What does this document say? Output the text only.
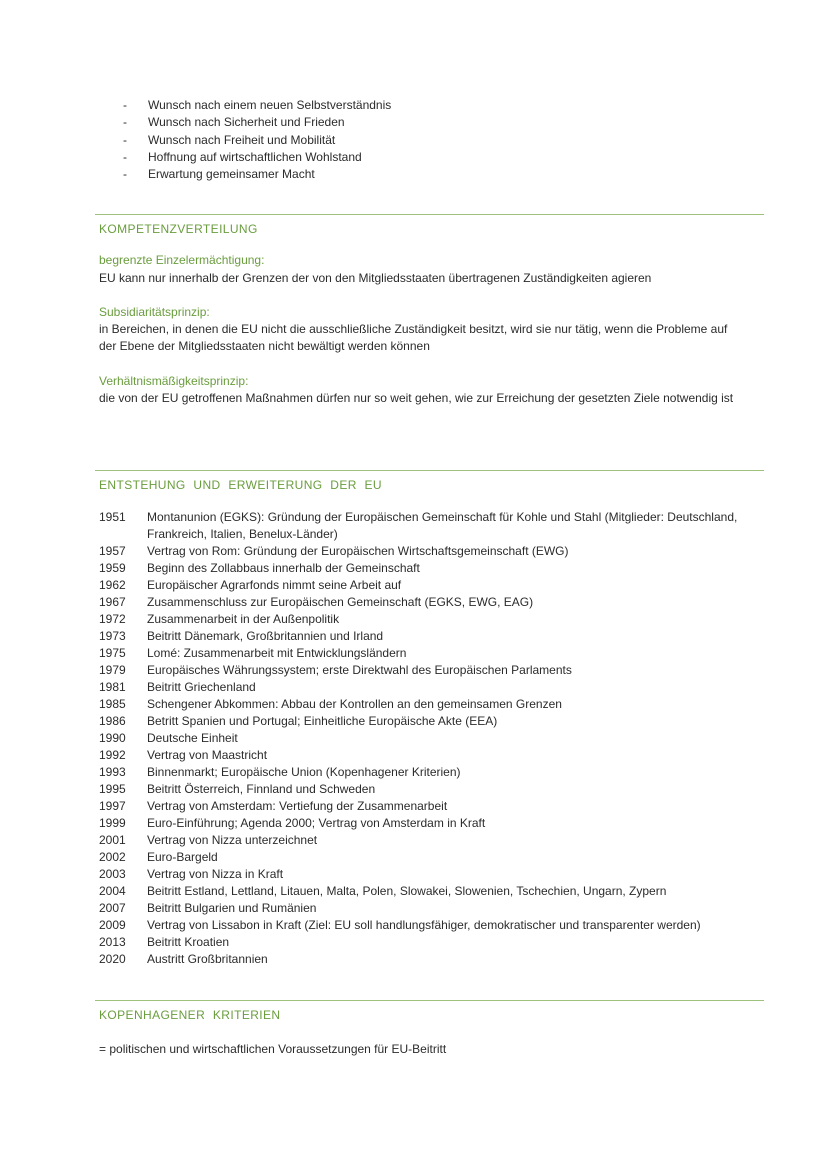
- Wunsch nach einem neuen Selbstverständnis
- Wunsch nach Sicherheit und Frieden
- Wunsch nach Freiheit und Mobilität
- Hoffnung auf wirtschaftlichen Wohlstand
- Erwartung gemeinsamer Macht
KOMPETENZVERTEILUNG
begrenzte Einzelermächtigung:
EU kann nur innerhalb der Grenzen der von den Mitgliedsstaaten übertragenen Zuständigkeiten agieren
Subsidiaritätsprinzip:
in Bereichen, in denen die EU nicht die ausschließliche Zuständigkeit besitzt, wird sie nur tätig, wenn die Probleme auf der Ebene der Mitgliedsstaaten nicht bewältigt werden können
Verhältnismäßigkeitsprinzip:
die von der EU getroffenen Maßnahmen dürfen nur so weit gehen, wie zur Erreichung der gesetzten Ziele notwendig ist
ENTSTEHUNG UND ERWEITERUNG DER EU
1951	Montanunion (EGKS): Gründung der Europäischen Gemeinschaft für Kohle und Stahl (Mitglieder: Deutschland, Frankreich, Italien, Benelux-Länder)
1957	Vertrag von Rom: Gründung der Europäischen Wirtschaftsgemeinschaft (EWG)
1959	Beginn des Zollabbaus innerhalb der Gemeinschaft
1962	Europäischer Agrarfonds nimmt seine Arbeit auf
1967	Zusammenschluss zur Europäischen Gemeinschaft (EGKS, EWG, EAG)
1972	Zusammenarbeit in der Außenpolitik
1973	Beitritt Dänemark, Großbritannien und Irland
1975	Lomé: Zusammenarbeit mit Entwicklungsländern
1979	Europäisches Währungssystem; erste Direktwahl des Europäischen Parlaments
1981	Beitritt Griechenland
1985	Schengener Abkommen: Abbau der Kontrollen an den gemeinsamen Grenzen
1986	Betritt Spanien und Portugal; Einheitliche Europäische Akte (EEA)
1990	Deutsche Einheit
1992	Vertrag von Maastricht
1993	Binnenmarkt; Europäische Union (Kopenhagener Kriterien)
1995	Beitritt Österreich, Finnland und Schweden
1997	Vertrag von Amsterdam: Vertiefung der Zusammenarbeit
1999	Euro-Einführung; Agenda 2000; Vertrag von Amsterdam in Kraft
2001	Vertrag von Nizza unterzeichnet
2002	Euro-Bargeld
2003	Vertrag von Nizza in Kraft
2004	Beitritt Estland, Lettland, Litauen, Malta, Polen, Slowakei, Slowenien, Tschechien, Ungarn, Zypern
2007	Beitritt Bulgarien und Rumänien
2009	Vertrag von Lissabon in Kraft (Ziel: EU soll handlungsfähiger, demokratischer und transparenter werden)
2013	Beitritt Kroatien
2020	Austritt Großbritannien
KOPENHAGENER KRITERIEN
= politischen und wirtschaftlichen Voraussetzungen für EU-Beitritt
